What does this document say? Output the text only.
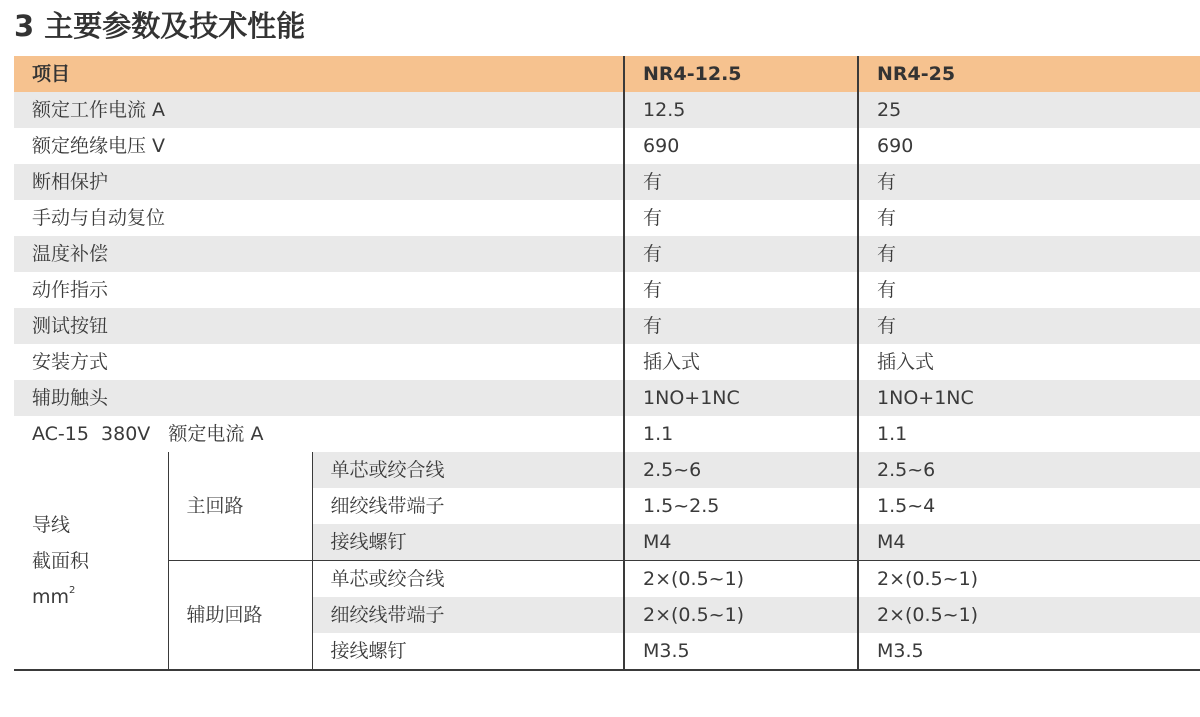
3 主要参数及技术性能
项目			NR4-12.5	NR4-25
额定工作电流 A			12.5	25
额定绝缘电压 V			690	690
断相保护			有	有
手动与自动复位			有	有
温度补偿			有	有
动作指示			有	有
测试按钮			有	有
安装方式			插入式	插入式
辅助触头			1NO+1NC	1NO+1NC
AC-15  380V   额定电流 A			1.1	1.1

导线
截面积
$mm^2$	主回路	单芯或绞合线	2.5~6	2.5~6
		细绞线带端子	1.5~2.5	1.5~4
		接线螺钉	M4	M4
	辅助回路	单芯或绞合线	2×(0.5~1)	2×(0.5~1)
		细绞线带端子	2×(0.5~1)	2×(0.5~1)
		接线螺钉	M3.5	M3.5
